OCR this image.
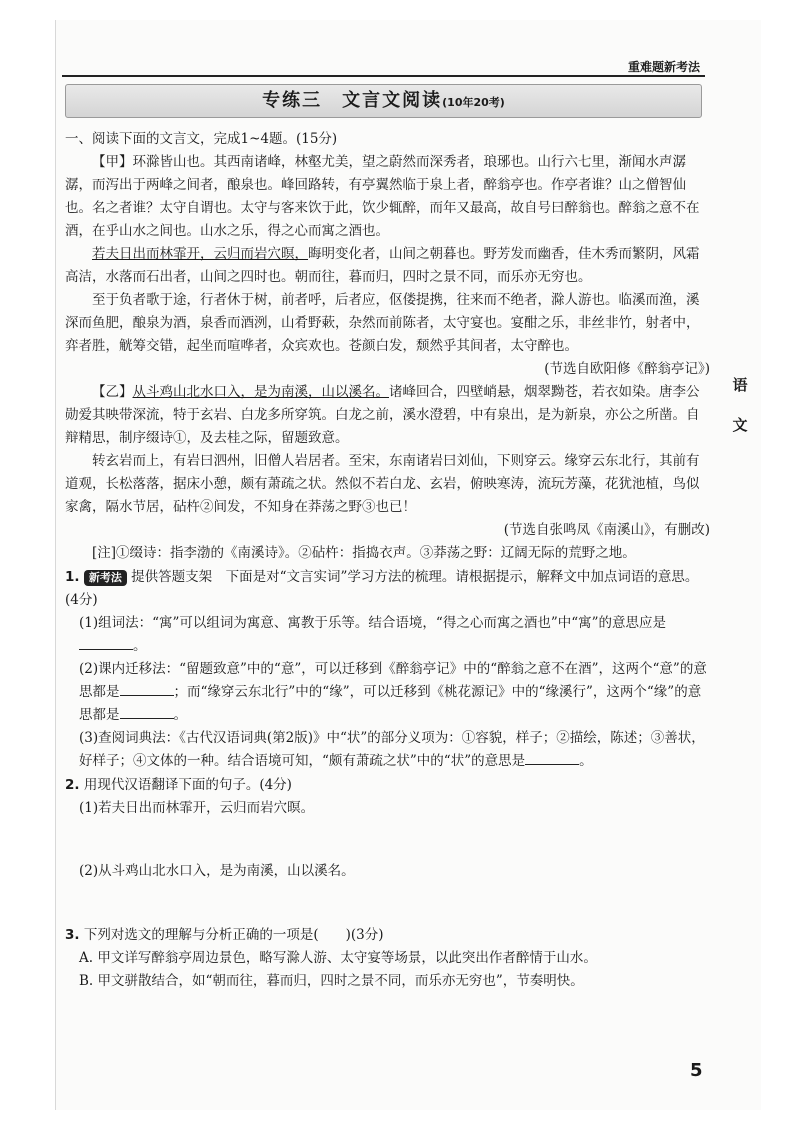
重难题新考法
专练三　文言文阅读(10年20考)

一、阅读下面的文言文，完成1~4题。(15分)

【甲】环滁皆山也。其西南诸峰，林壑尤美，望之蔚然而深秀者，琅琊也。山行六七里，渐闻水声潺潺，而泻出于两峰之间者，酿泉也。峰回路转，有亭翼然临于泉上者，醉翁亭也。作亭者谁？山之僧智仙也。名之者谁？太守自谓也。太守与客来饮于此，饮少辄醉，而年又最高，故自号曰醉翁也。醉翁之意不在酒，在乎山水之间也。山水之乐，得之心而寓之酒也。

若夫日出而林霏开，云归而岩穴暝，晦明变化者，山间之朝暮也。野芳发而幽香，佳木秀而繁阴，风霜高洁，水落而石出者，山间之四时也。朝而往，暮而归，四时之景不同，而乐亦无穷也。

至于负者歌于途，行者休于树，前者呼，后者应，伛偻提携，往来而不绝者，滁人游也。临溪而渔，溪深而鱼肥，酿泉为酒，泉香而酒洌，山肴野蔌，杂然而前陈者，太守宴也。宴酣之乐，非丝非竹，射者中，弈者胜，觥筹交错，起坐而喧哗者，众宾欢也。苍颜白发，颓然乎其间者，太守醉也。

(节选自欧阳修《醉翁亭记》)

【乙】从斗鸡山北水口入，是为南溪，山以溪名。诸峰回合，四壁峭悬，烟翠黝苍，若衣如染。唐李公勋爱其映带深流，特于玄岩、白龙多所穿筑。白龙之前，溪水澄碧，中有泉出，是为新泉，亦公之所凿。自辩精思，制序缀诗①，及去桂之际，留题致意。

转玄岩而上，有岩曰泗州，旧僧人岩居者。至宋，东南诸岩曰刘仙，下则穿云。缘穿云东北行，其前有道观，长松落落，据床小憩，颇有萧疏之状。然似不若白龙、玄岩，俯映寒涛，流玩芳藻，花犹池植，鸟似家禽，隔水节居，砧杵②间发，不知身在莽荡之野③也已！

(节选自张鸣凤《南溪山》，有删改)

[注]①缀诗：指李渤的《南溪诗》。②砧杵：指捣衣声。③莽荡之野：辽阔无际的荒野之地。

1. 新考法 提供答题支架　下面是对“文言实词”学习方法的梳理。请根据提示，解释文中加点词语的意思。(4分)

(1)组词法：“寓”可以组词为寓意、寓教于乐等。结合语境，“得之心而寓之酒也”中“寓”的意思应是。

(2)课内迁移法：“留题致意”中的“意”，可以迁移到《醉翁亭记》中的“醉翁之意不在酒”，这两个“意”的意思都是	；而“缘穿云东北行”中的“缘”，可以迁移到《桃花源记》中的“缘溪行”，这两个“缘”的意思都是	。

(3)查阅词典法：《古代汉语词典(第2版)》中“状”的部分义项为：①容貌，样子；②描绘，陈述；③善状，好样子；④文体的一种。结合语境可知，“颇有萧疏之状”中的“状”的意思是	。

2. 用现代汉语翻译下面的句子。(4分)

(1)若夫日出而林霏开，云归而岩穴暝。

(2)从斗鸡山北水口入，是为南溪，山以溪名。

3. 下列对选文的理解与分析正确的一项是(　　)(3分)

A. 甲文详写醉翁亭周边景色，略写滁人游、太守宴等场景，以此突出作者醉情于山水。

B. 甲文骈散结合，如“朝而往，暮而归，四时之景不同，而乐亦无穷也”，节奏明快。

语
文
5
